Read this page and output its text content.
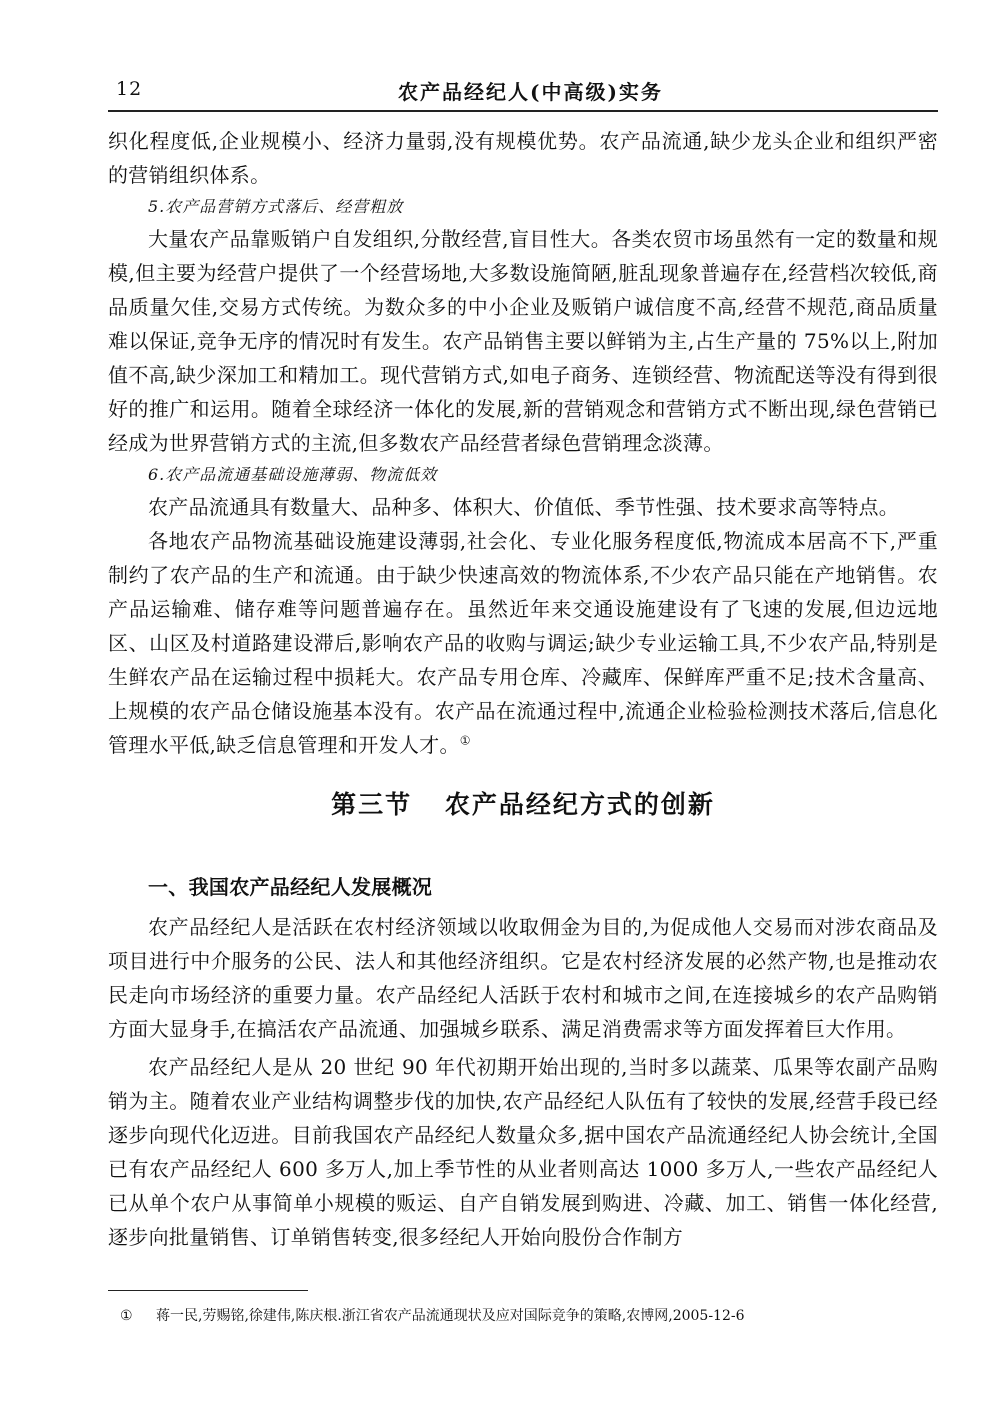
12	农产品经纪人(中高级)实务

织化程度低,企业规模小、经济力量弱,没有规模优势。农产品流通,缺少龙头企业和组织严密的营销组织体系。

5.农产品营销方式落后、经营粗放

大量农产品靠贩销户自发组织,分散经营,盲目性大。各类农贸市场虽然有一定的数量和规模,但主要为经营户提供了一个经营场地,大多数设施简陋,脏乱现象普遍存在,经营档次较低,商品质量欠佳,交易方式传统。为数众多的中小企业及贩销户诚信度不高,经营不规范,商品质量难以保证,竞争无序的情况时有发生。农产品销售主要以鲜销为主,占生产量的 75%以上,附加值不高,缺少深加工和精加工。现代营销方式,如电子商务、连锁经营、物流配送等没有得到很好的推广和运用。随着全球经济一体化的发展,新的营销观念和营销方式不断出现,绿色营销已经成为世界营销方式的主流,但多数农产品经营者绿色营销理念淡薄。

6.农产品流通基础设施薄弱、物流低效

农产品流通具有数量大、品种多、体积大、价值低、季节性强、技术要求高等特点。

各地农产品物流基础设施建设薄弱,社会化、专业化服务程度低,物流成本居高不下,严重制约了农产品的生产和流通。由于缺少快速高效的物流体系,不少农产品只能在产地销售。农产品运输难、储存难等问题普遍存在。虽然近年来交通设施建设有了飞速的发展,但边远地区、山区及村道路建设滞后,影响农产品的收购与调运;缺少专业运输工具,不少农产品,特别是生鲜农产品在运输过程中损耗大。农产品专用仓库、冷藏库、保鲜库严重不足;技术含量高、上规模的农产品仓储设施基本没有。农产品在流通过程中,流通企业检验检测技术落后,信息化管理水平低,缺乏信息管理和开发人才。①

第三节 农产品经纪方式的创新

一、我国农产品经纪人发展概况

农产品经纪人是活跃在农村经济领域以收取佣金为目的,为促成他人交易而对涉农商品及项目进行中介服务的公民、法人和其他经济组织。它是农村经济发展的必然产物,也是推动农民走向市场经济的重要力量。农产品经纪人活跃于农村和城市之间,在连接城乡的农产品购销方面大显身手,在搞活农产品流通、加强城乡联系、满足消费需求等方面发挥着巨大作用。

农产品经纪人是从 20 世纪 90 年代初期开始出现的,当时多以蔬菜、瓜果等农副产品购销为主。随着农业产业结构调整步伐的加快,农产品经纪人队伍有了较快的发展,经营手段已经逐步向现代化迈进。目前我国农产品经纪人数量众多,据中国农产品流通经纪人协会统计,全国已有农产品经纪人 600 多万人,加上季节性的从业者则高达 1000 多万人,一些农产品经纪人已从单个农户从事简单小规模的贩运、自产自销发展到购进、冷藏、加工、销售一体化经营,逐步向批量销售、订单销售转变,很多经纪人开始向股份合作制方

① 蒋一民,劳赐铭,徐建伟,陈庆根.浙江省农产品流通现状及应对国际竞争的策略,农博网,2005-12-6
